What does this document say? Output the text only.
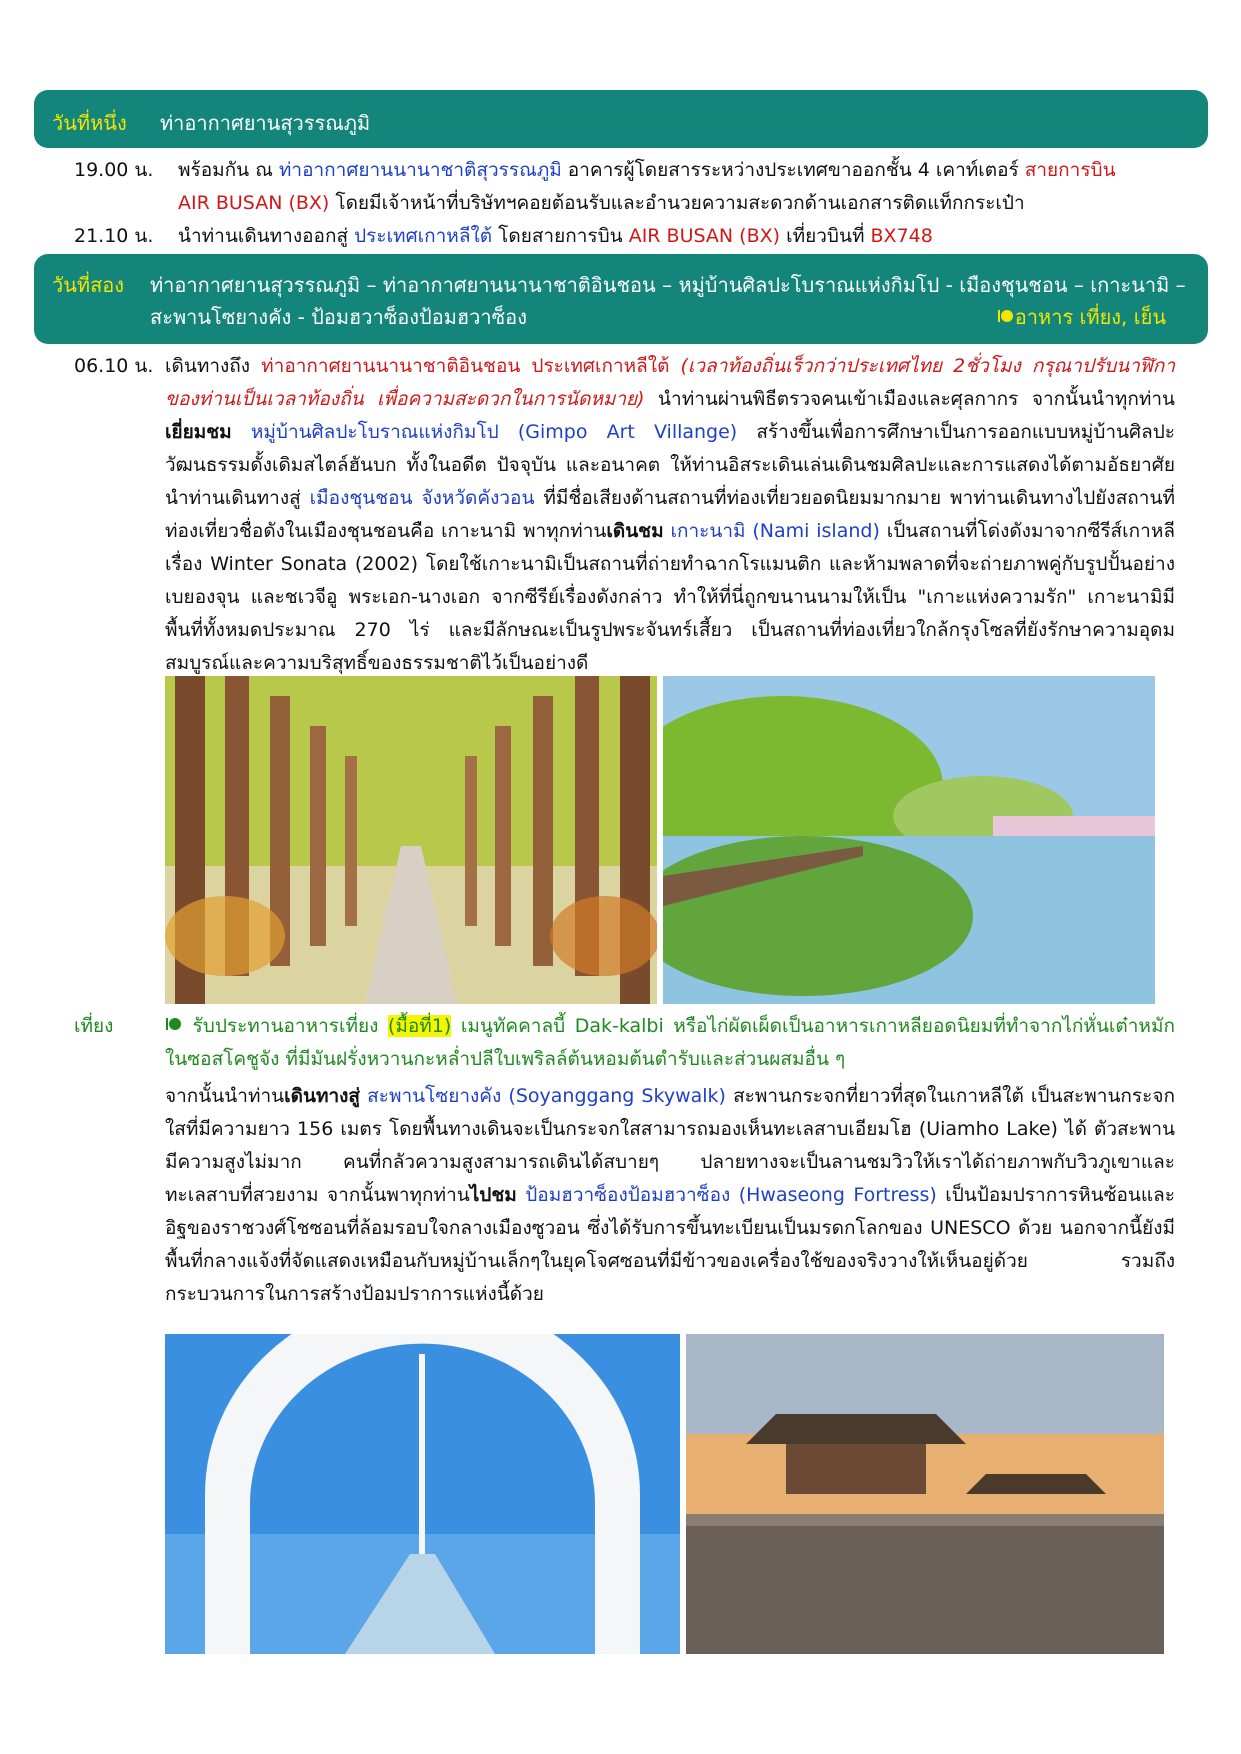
วันที่หนึ่ง ท่าอากาศยานสุวรรณภูมิ
19.00 น. พร้อมกัน ณ ท่าอากาศยานนานาชาติสุวรรณภูมิ อาคารผู้โดยสารระหว่างประเทศขาออกชั้น 4 เคาท์เตอร์ สายการบิน
AIR BUSAN (BX) โดยมีเจ้าหน้าที่บริษัทฯคอยต้อนรับและอำนวยความสะดวกด้านเอกสารติดแท็กกระเป๋า
21.10 น. นำท่านเดินทางออกสู่ ประเทศเกาหลีใต้ โดยสายการบิน AIR BUSAN (BX) เที่ยวบินที่ BX748
วันที่สอง ท่าอากาศยานสุวรรณภูมิ – ท่าอากาศยานนานาชาติอินชอน – หมู่บ้านศิลปะโบราณแห่งกิมโป - เมืองชุนชอน – เกาะนามิ –
สะพานโซยางคัง - ป้อมฮวาซ็องป้อมฮวาซ็อง	อาหาร เที่ยง, เย็น
06.10 น. เดินทางถึง ท่าอากาศยานนานาชาติอินชอน ประเทศเกาหลีใต้ (เวลาท้องถิ่นเร็วกว่าประเทศไทย 2ชั่วโมง กรุณาปรับนาฬิกาของท่านเป็นเวลาท้องถิ่น เพื่อความสะดวกในการนัดหมาย) นำท่านผ่านพิธีตรวจคนเข้าเมืองและศุลกากร จากนั้นนำทุกท่านเยี่ยมชม หมู่บ้านศิลปะโบราณแห่งกิมโป (Gimpo Art Villange) สร้างขึ้นเพื่อการศึกษาเป็นการออกแบบหมู่บ้านศิลปะวัฒนธรรมดั้งเดิมสไตล์ฮันบก ทั้งในอดีต ปัจจุบัน และอนาคต ให้ท่านอิสระเดินเล่นเดินชมศิลปะและการแสดงได้ตามอัธยาศัย นำท่านเดินทางสู่ เมืองชุนชอน จังหวัดคังวอน ที่มีชื่อเสียงด้านสถานที่ท่องเที่ยวยอดนิยมมากมาย พาท่านเดินทางไปยังสถานที่ท่องเที่ยวชื่อดังในเมืองชุนชอนคือ เกาะนามิ พาทุกท่านเดินชม เกาะนามิ (Nami island) เป็นสถานที่โด่งดังมาจากซีรีส์เกาหลีเรื่อง Winter Sonata (2002) โดยใช้เกาะนามิเป็นสถานที่ถ่ายทำฉากโรแมนติก และห้ามพลาดที่จะถ่ายภาพคู่กับรูปปั้นอย่าง เบยองจุน และชเวจีอู พระเอก-นางเอก จากซีรีย์เรื่องดังกล่าว ทำให้ที่นี่ถูกขนานนามให้เป็น "เกาะแห่งความรัก" เกาะนามิมีพื้นที่ทั้งหมดประมาณ 270 ไร่ และมีลักษณะเป็นรูปพระจันทร์เสี้ยว เป็นสถานที่ท่องเที่ยวใกล้กรุงโซลที่ยังรักษาความอุดมสมบูรณ์และความบริสุทธิ์ของธรรมชาติไว้เป็นอย่างดี
เที่ยง	รับประทานอาหารเที่ยง (มื้อที่1) เมนูทัคคาลบี้ Dak-kalbi หรือไก่ผัดเผ็ดเป็นอาหารเกาหลียอดนิยมที่ทำจากไก่หั่นเต๋าหมักในซอสโคชูจัง ที่มีมันฝรั่งหวานกะหล่ำปลีใบเพริลล์ต้นหอมต้นตำรับและส่วนผสมอื่น ๆ
จากนั้นนำท่านเดินทางสู่ สะพานโซยางคัง (Soyanggang Skywalk) สะพานกระจกที่ยาวที่สุดในเกาหลีใต้ เป็นสะพานกระจกใสที่มีความยาว 156 เมตร โดยพื้นทางเดินจะเป็นกระจกใสสามารถมองเห็นทะเลสาบเอียมโฮ (Uiamho Lake) ได้ ตัวสะพานมีความสูงไม่มาก คนที่กลัวความสูงสามารถเดินได้สบายๆ ปลายทางจะเป็นลานชมวิวให้เราได้ถ่ายภาพกับวิวภูเขาและทะเลสาบที่สวยงาม จากนั้นพาทุกท่านไปชม ป้อมฮวาซ็องป้อมฮวาซ็อง (Hwaseong Fortress) เป็นป้อมปราการหินซ้อนและอิฐของราชวงศ์โชซอนที่ล้อมรอบใจกลางเมืองซูวอน ซึ่งได้รับการขึ้นทะเบียนเป็นมรดกโลกของ UNESCO ด้วย นอกจากนี้ยังมีพื้นที่กลางแจ้งที่จัดแสดงเหมือนกับหมู่บ้านเล็กๆในยุคโจศซอนที่มีข้าวของเครื่องใช้ของจริงวางให้เห็นอยู่ด้วย รวมถึงกระบวนการในการสร้างป้อมปราการแห่งนี้ด้วย
